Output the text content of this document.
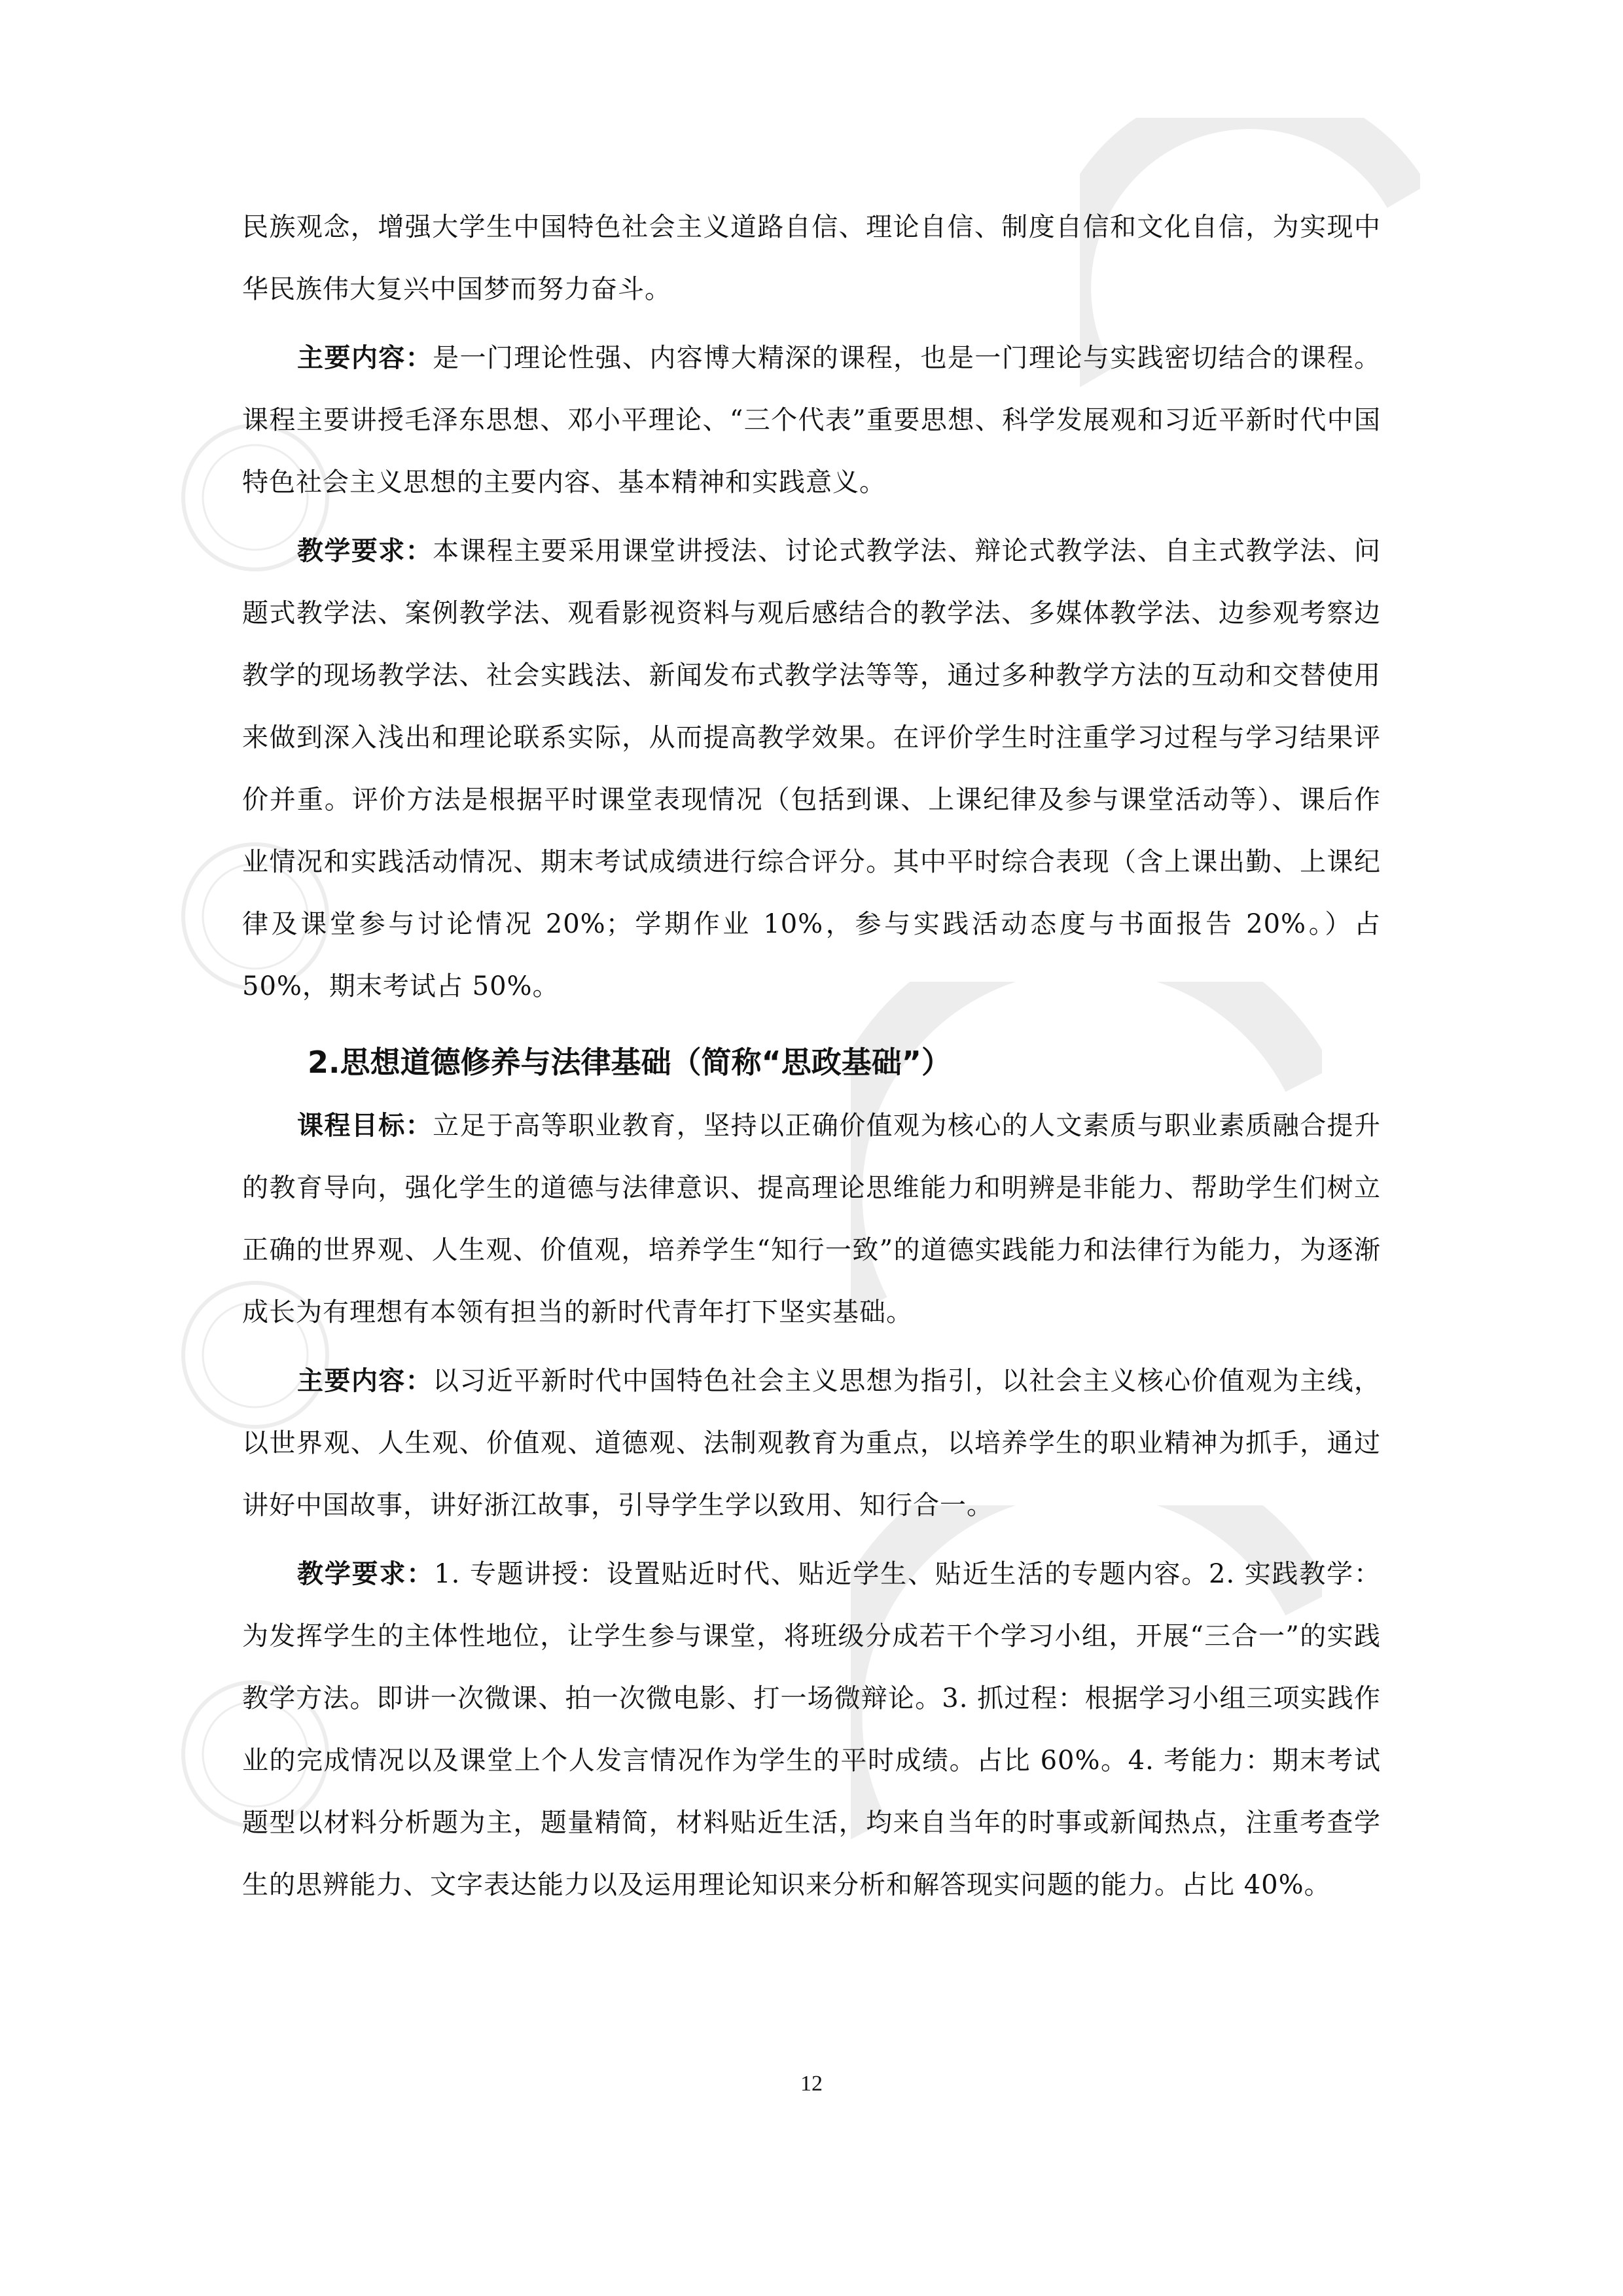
民族观念，增强大学生中国特色社会主义道路自信、理论自信、制度自信和文化自信，为实现中华民族伟大复兴中国梦而努力奋斗。

主要内容：是一门理论性强、内容博大精深的课程，也是一门理论与实践密切结合的课程。课程主要讲授毛泽东思想、邓小平理论、“三个代表”重要思想、科学发展观和习近平新时代中国特色社会主义思想的主要内容、基本精神和实践意义。

教学要求：本课程主要采用课堂讲授法、讨论式教学法、辩论式教学法、自主式教学法、问题式教学法、案例教学法、观看影视资料与观后感结合的教学法、多媒体教学法、边参观考察边教学的现场教学法、社会实践法、新闻发布式教学法等等，通过多种教学方法的互动和交替使用来做到深入浅出和理论联系实际，从而提高教学效果。在评价学生时注重学习过程与学习结果评价并重。评价方法是根据平时课堂表现情况（包括到课、上课纪律及参与课堂活动等）、课后作业情况和实践活动情况、期末考试成绩进行综合评分。其中平时综合表现（含上课出勤、上课纪律及课堂参与讨论情况 20%；学期作业 10%，参与实践活动态度与书面报告 20%。）占 50%，期末考试占 50%。

2.思想道德修养与法律基础（简称“思政基础”）

课程目标：立足于高等职业教育，坚持以正确价值观为核心的人文素质与职业素质融合提升的教育导向，强化学生的道德与法律意识、提高理论思维能力和明辨是非能力、帮助学生们树立正确的世界观、人生观、价值观，培养学生“知行一致”的道德实践能力和法律行为能力，为逐渐成长为有理想有本领有担当的新时代青年打下坚实基础。

主要内容：以习近平新时代中国特色社会主义思想为指引，以社会主义核心价值观为主线，以世界观、人生观、价值观、道德观、法制观教育为重点，以培养学生的职业精神为抓手，通过讲好中国故事，讲好浙江故事，引导学生学以致用、知行合一。

教学要求：1. 专题讲授：设置贴近时代、贴近学生、贴近生活的专题内容。2. 实践教学：为发挥学生的主体性地位，让学生参与课堂，将班级分成若干个学习小组，开展“三合一”的实践教学方法。即讲一次微课、拍一次微电影、打一场微辩论。3. 抓过程：根据学习小组三项实践作业的完成情况以及课堂上个人发言情况作为学生的平时成绩。占比 60%。4. 考能力：期末考试题型以材料分析题为主，题量精简，材料贴近生活，均来自当年的时事或新闻热点，注重考查学生的思辨能力、文字表达能力以及运用理论知识来分析和解答现实问题的能力。占比 40%。

12
